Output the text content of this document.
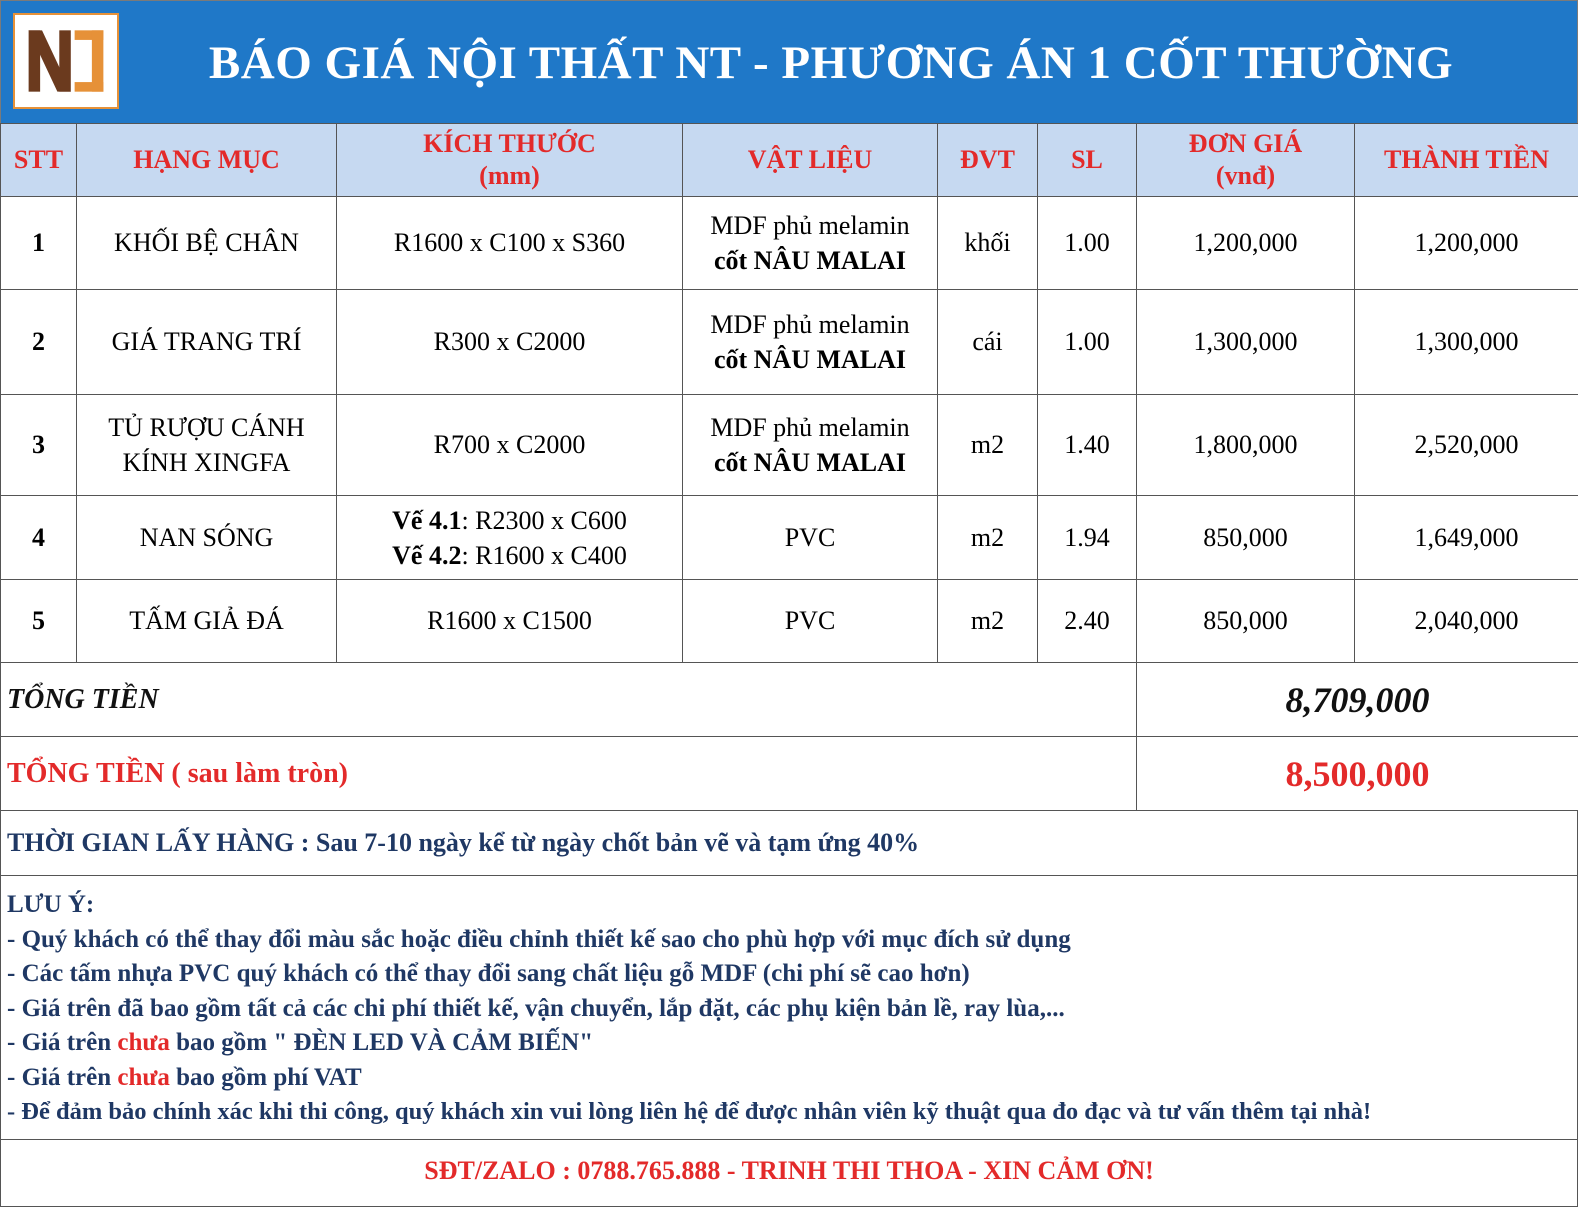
BÁO GIÁ NỘI THẤT NT - PHƯƠNG ÁN 1 CỐT THƯỜNG
STT	HẠNG MỤC	KÍCH THƯỚC
(mm)	VẬT LIỆU	ĐVT	SL	ĐƠN GIÁ
(vnđ)	THÀNH TIỀN
1	KHỐI BỆ CHÂN	R1600 x C100 x S360	MDF phủ melamin
cốt NÂU MALAI	khối	1.00	1,200,000	1,200,000
2	GIÁ TRANG TRÍ	R300 x C2000	MDF phủ melamin
cốt NÂU MALAI	cái	1.00	1,300,000	1,300,000
3	TỦ RƯỢU CÁNH
KÍNH XINGFA	R700 x C2000	MDF phủ melamin
cốt NÂU MALAI	m2	1.40	1,800,000	2,520,000
4	NAN SÓNG	Vế 4.1: R2300 x C600
Vế 4.2: R1600 x C400	PVC	m2	1.94	850,000	1,649,000
5	TẤM GIẢ ĐÁ	R1600 x C1500	PVC	m2	2.40	850,000	2,040,000
TỔNG TIỀN	8,709,000
TỔNG TIỀN ( sau làm tròn)	8,500,000
THỜI GIAN LẤY HÀNG : Sau 7-10 ngày kể từ ngày chốt bản vẽ và tạm ứng 40%
LƯU Ý:
- Quý khách có thể thay đổi màu sắc hoặc điều chỉnh thiết kế sao cho phù hợp với mục đích sử dụng
- Các tấm nhựa PVC quý khách có thể thay đổi sang chất liệu gỗ MDF (chi phí sẽ cao hơn)
- Giá trên đã bao gồm tất cả các chi phí thiết kế, vận chuyển, lắp đặt, các phụ kiện bản lề, ray lùa,...
- Giá trên chưa bao gồm " ĐÈN LED VÀ CẢM BIẾN"
- Giá trên chưa bao gồm phí VAT
- Để đảm bảo chính xác khi thi công, quý khách xin vui lòng liên hệ để được nhân viên kỹ thuật qua đo đạc và tư vấn thêm tại nhà!
SĐT/ZALO : 0788.765.888 - TRINH THI THOA - XIN CẢM ƠN!
